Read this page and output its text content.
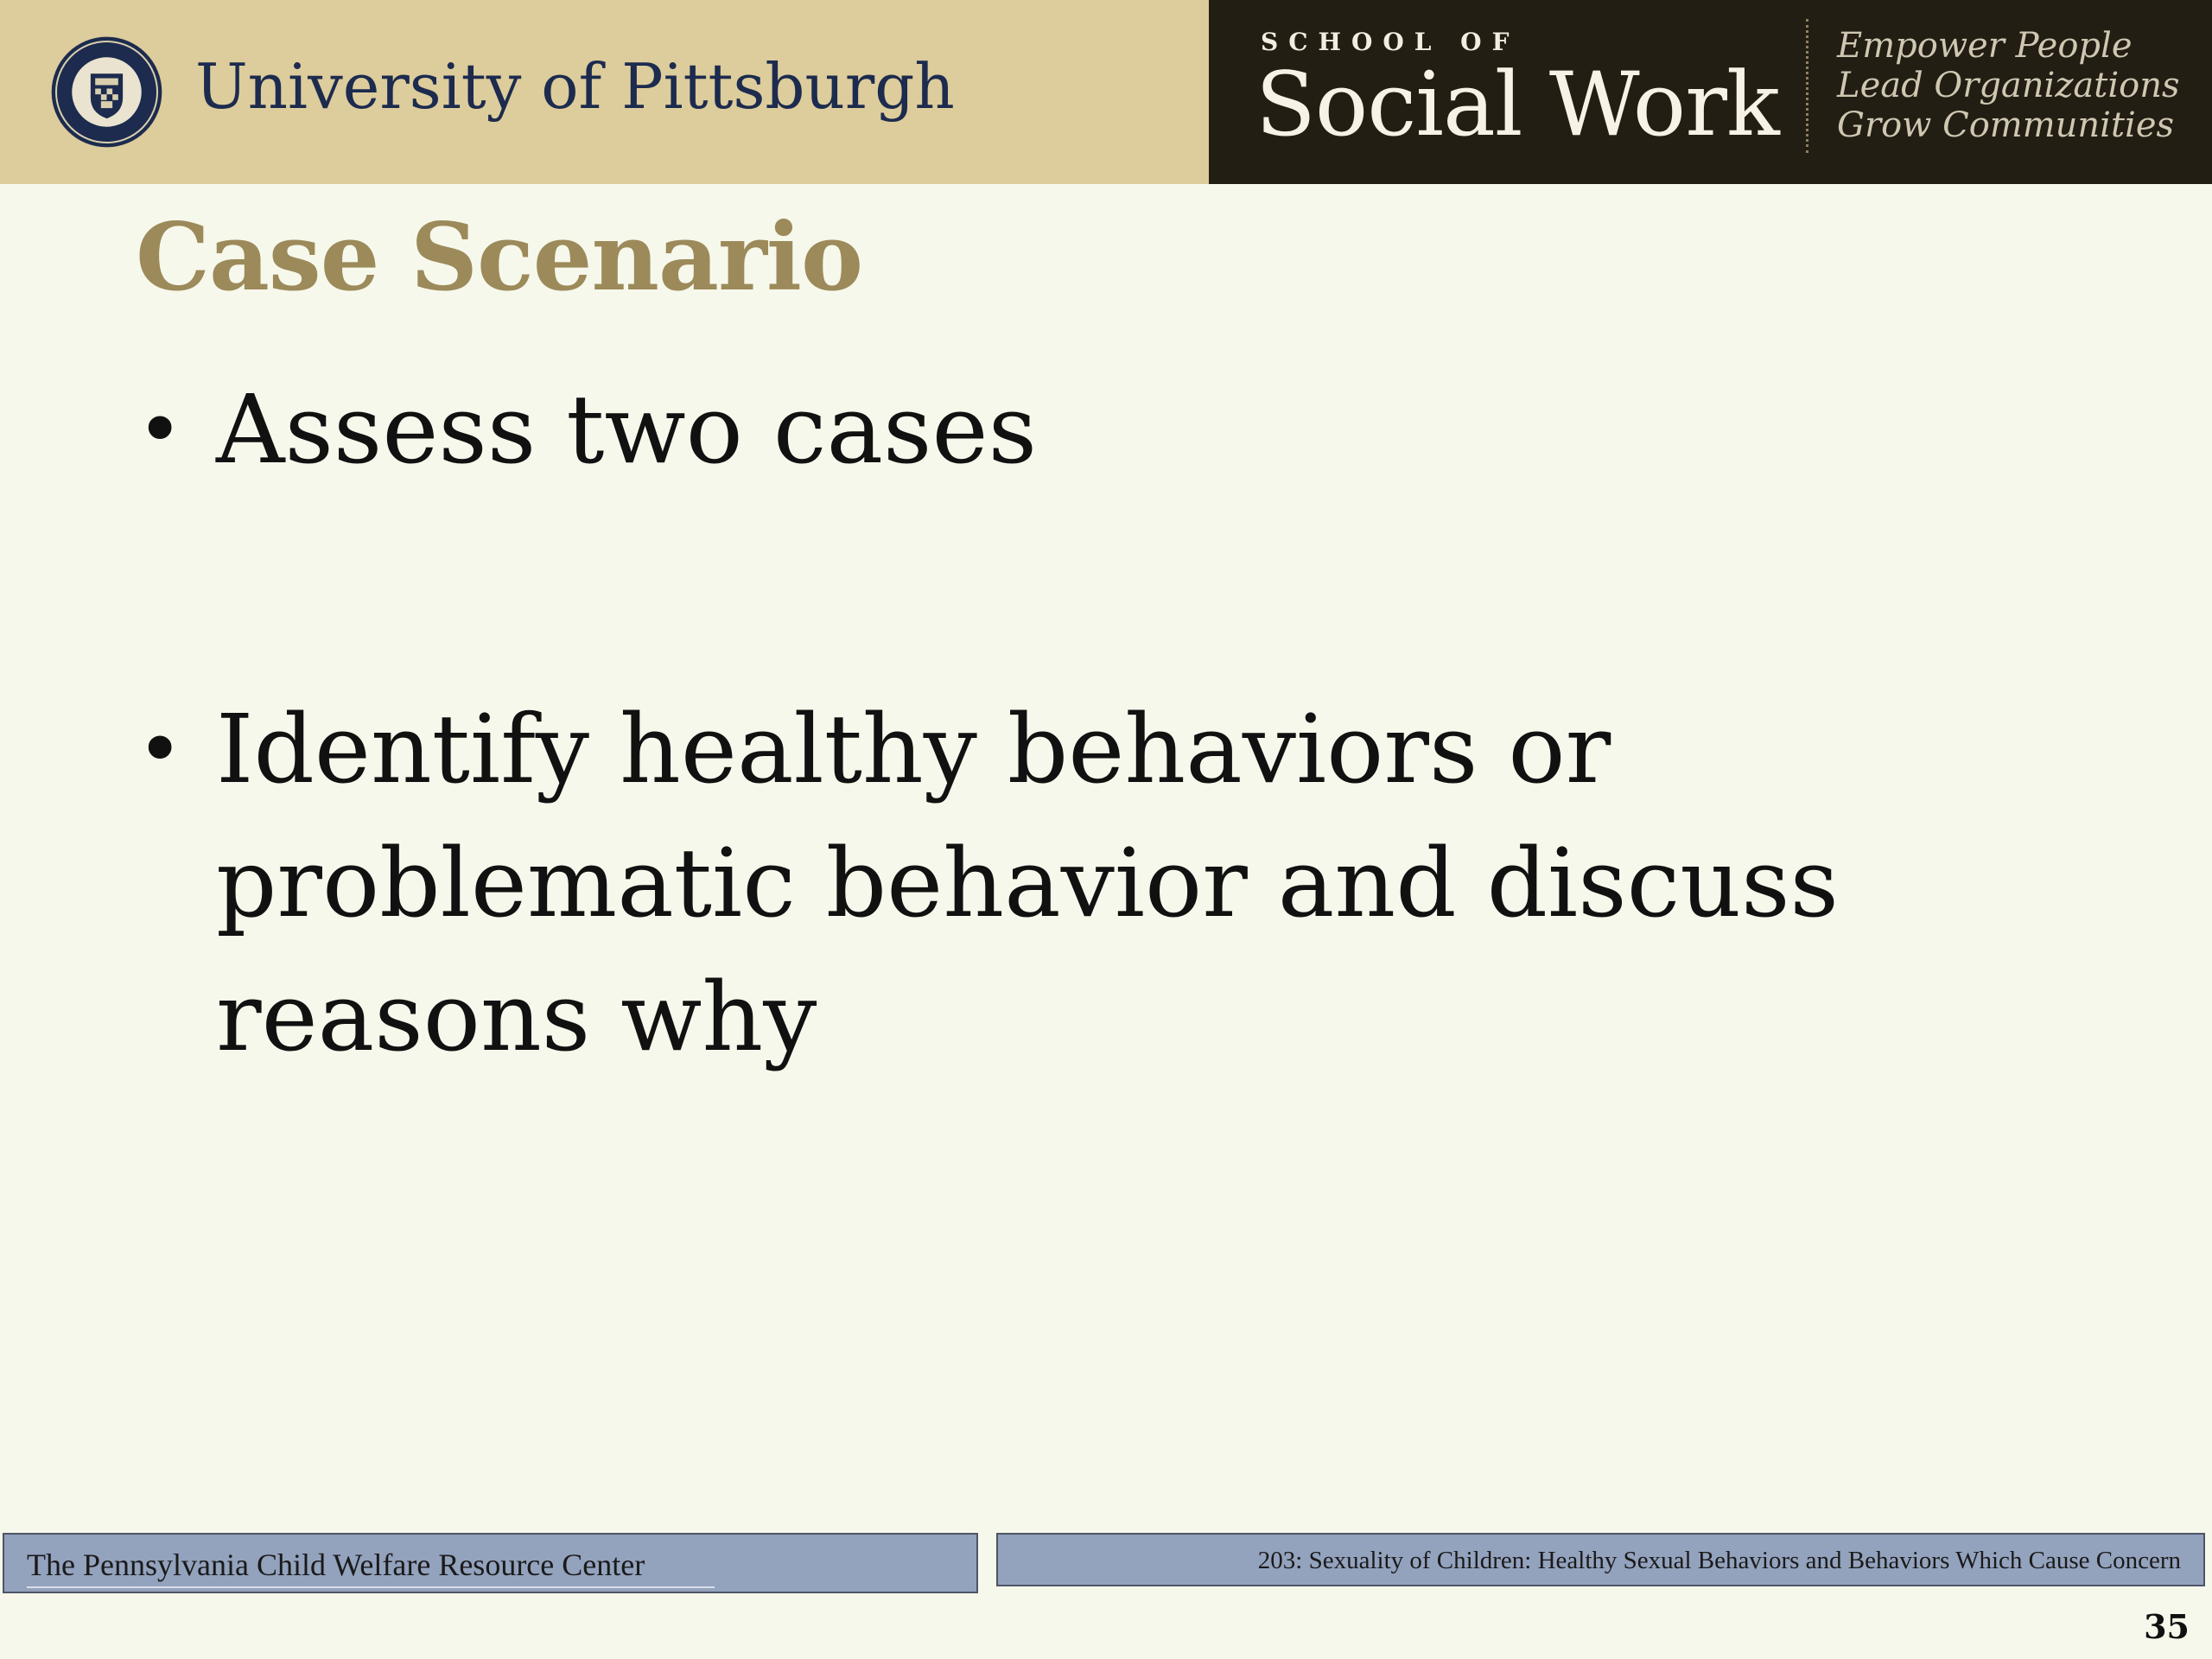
University of Pittsburgh
SCHOOL OF
Social Work
Empower People
Lead Organizations
Grow Communities
Case Scenario
• Assess two cases
• Identify healthy behaviors or problematic behavior and discuss reasons why
The Pennsylvania Child Welfare Resource Center	203: Sexuality of Children: Healthy Sexual Behaviors and Behaviors Which Cause Concern
35
